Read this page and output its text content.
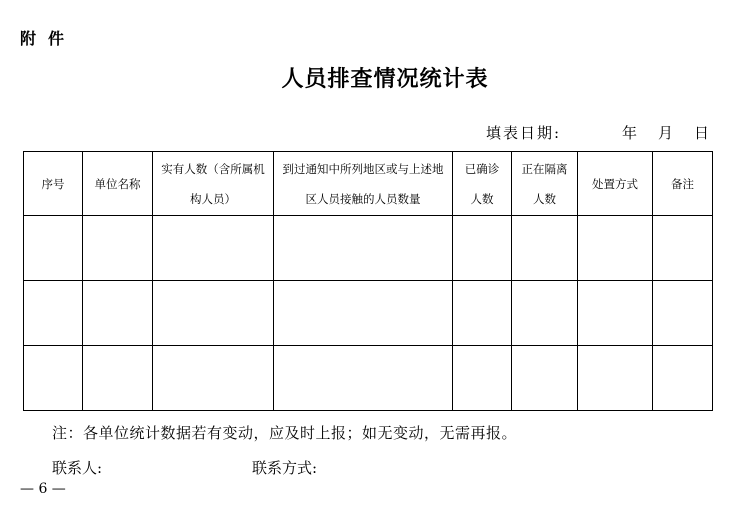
附件
人员排查情况统计表
填表日期:	年 月 日
序号	单位名称	实有人数（含所属机构人员）	到过通知中所列地区或与上述地区人员接触的人员数量	已确诊人数	正在隔离人数	处置方式	备注

注：各单位统计数据若有变动，应及时上报；如无变动，无需再报。
联系人:	联系方式:
— 6 —
